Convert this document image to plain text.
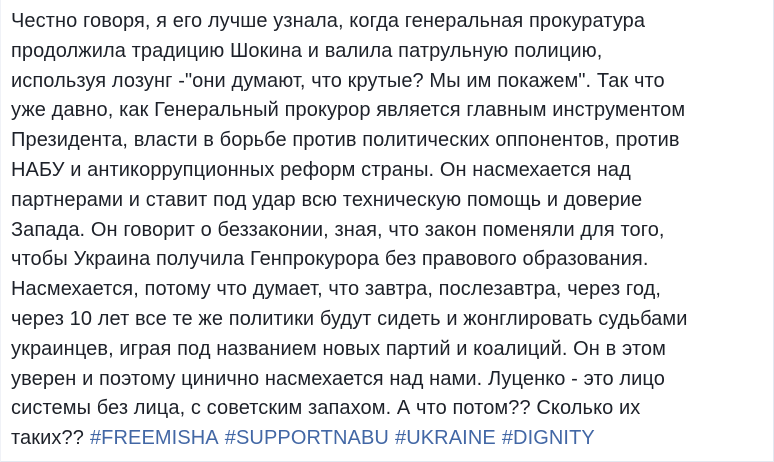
Честно говоря, я его лучше узнала, когда генеральная прокуратура
продолжила традицию Шокина и валила патрульную полицию,
используя лозунг -"они думают, что крутые? Мы им покажем". Так что
уже давно, как Генеральный прокурор является главным инструментом
Президента, власти в борьбе против политических оппонентов, против
НАБУ и антикоррупционных реформ страны. Он насмехается над
партнерами и ставит под удар всю техническую помощь и доверие
Запада. Он говорит о беззаконии, зная, что закон поменяли для того,
чтобы Украина получила Генпрокурора без правового образования.
Насмехается, потому что думает, что завтра, послезавтра, через год,
через 10 лет все те же политики будут сидеть и жонглировать судьбами
украинцев, играя под названием новых партий и коалиций. Он в этом
уверен и поэтому цинично насмехается над нами. Луценко - это лицо
системы без лица, с советским запахом. А что потом?? Сколько их
таких?? #FREEMISHA #SUPPORTNABU #UKRAINE #DIGNITY
